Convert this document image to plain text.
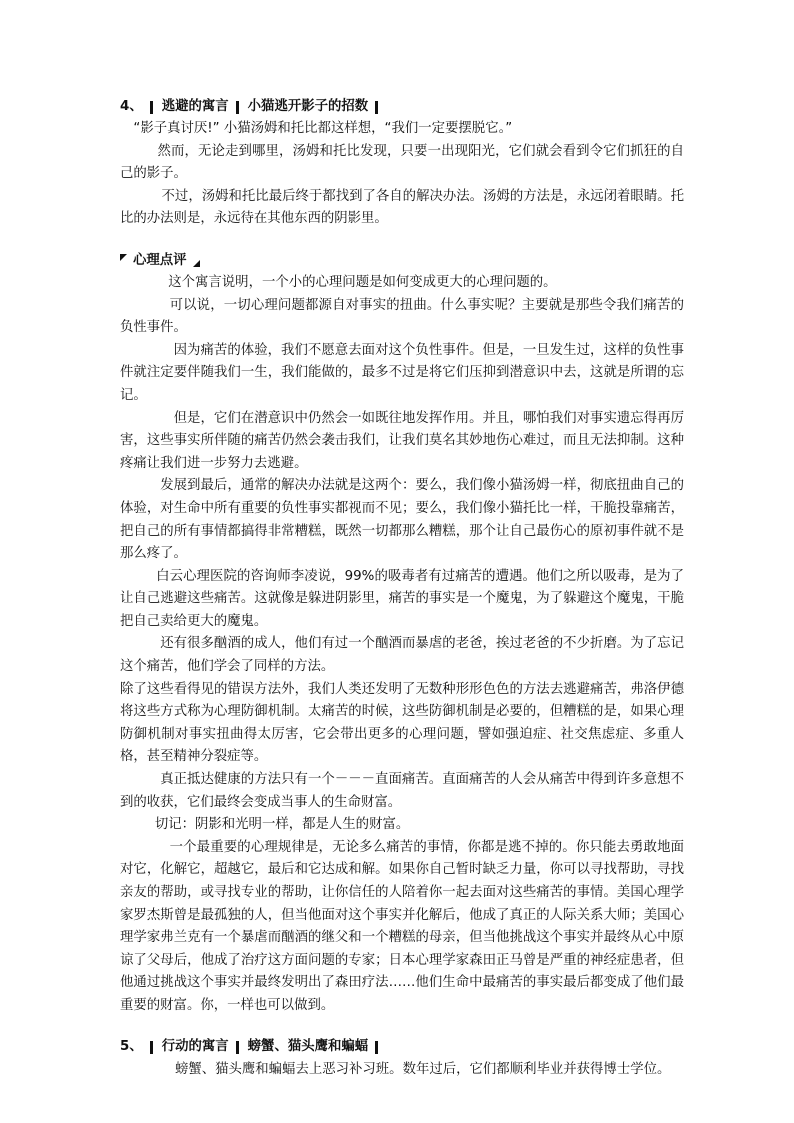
4、 逃避的寓言 小猫逃开影子的招数

“影子真讨厌!” 小猫汤姆和托比都这样想，“我们一定要摆脱它。”

然而，无论走到哪里，汤姆和托比发现，只要一出现阳光，它们就会看到令它们抓狂的自己的影子。

不过，汤姆和托比最后终于都找到了各自的解决办法。汤姆的方法是，永远闭着眼睛。托比的办法则是，永远待在其他东西的阴影里。

心理点评

这个寓言说明，一个小的心理问题是如何变成更大的心理问题的。

可以说，一切心理问题都源自对事实的扭曲。什么事实呢？主要就是那些令我们痛苦的负性事件。

因为痛苦的体验，我们不愿意去面对这个负性事件。但是，一旦发生过，这样的负性事件就注定要伴随我们一生，我们能做的，最多不过是将它们压抑到潜意识中去，这就是所谓的忘记。

但是，它们在潜意识中仍然会一如既往地发挥作用。并且，哪怕我们对事实遗忘得再厉害，这些事实所伴随的痛苦仍然会袭击我们，让我们莫名其妙地伤心难过，而且无法抑制。这种疼痛让我们进一步努力去逃避。

发展到最后，通常的解决办法就是这两个：要么，我们像小猫汤姆一样，彻底扭曲自己的体验，对生命中所有重要的负性事实都视而不见；要么，我们像小猫托比一样，干脆投靠痛苦，把自己的所有事情都搞得非常糟糕，既然一切都那么糟糕，那个让自己最伤心的原初事件就不是那么疼了。

白云心理医院的咨询师李凌说，99%的吸毒者有过痛苦的遭遇。他们之所以吸毒，是为了让自己逃避这些痛苦。这就像是躲进阴影里，痛苦的事实是一个魔鬼，为了躲避这个魔鬼，干脆把自己卖给更大的魔鬼。

还有很多酗酒的成人，他们有过一个酗酒而暴虐的老爸，挨过老爸的不少折磨。为了忘记这个痛苦，他们学会了同样的方法。

除了这些看得见的错误方法外，我们人类还发明了无数种形形色色的方法去逃避痛苦，弗洛伊德将这些方式称为心理防御机制。太痛苦的时候，这些防御机制是必要的，但糟糕的是，如果心理防御机制对事实扭曲得太厉害，它会带出更多的心理问题，譬如强迫症、社交焦虑症、多重人格，甚至精神分裂症等。

真正抵达健康的方法只有一个－－－直面痛苦。直面痛苦的人会从痛苦中得到许多意想不到的收获，它们最终会变成当事人的生命财富。

切记：阴影和光明一样，都是人生的财富。

一个最重要的心理规律是，无论多么痛苦的事情，你都是逃不掉的。你只能去勇敢地面对它，化解它，超越它，最后和它达成和解。如果你自己暂时缺乏力量，你可以寻找帮助，寻找亲友的帮助，或寻找专业的帮助，让你信任的人陪着你一起去面对这些痛苦的事情。美国心理学家罗杰斯曾是最孤独的人，但当他面对这个事实并化解后，他成了真正的人际关系大师；美国心理学家弗兰克有一个暴虐而酗酒的继父和一个糟糕的母亲，但当他挑战这个事实并最终从心中原谅了父母后，他成了治疗这方面问题的专家；日本心理学家森田正马曾是严重的神经症患者，但他通过挑战这个事实并最终发明出了森田疗法……他们生命中最痛苦的事实最后都变成了他们最重要的财富。你，一样也可以做到。

5、 行动的寓言 螃蟹、猫头鹰和蝙蝠

螃蟹、猫头鹰和蝙蝠去上恶习补习班。数年过后，它们都顺利毕业并获得博士学位。
